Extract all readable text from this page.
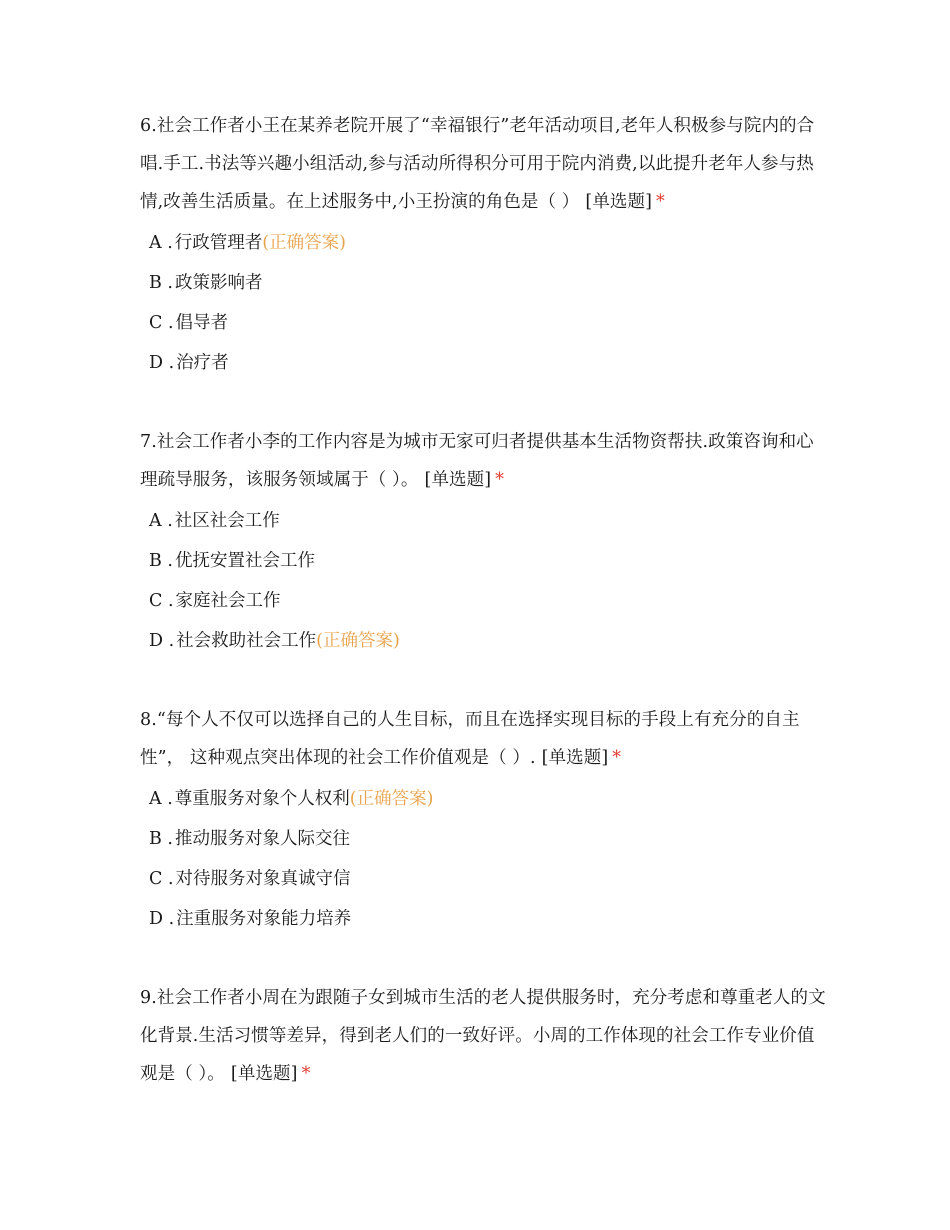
6.社会工作者小王在某养老院开展了“幸福银行”老年活动项目,老年人积极参与院内的合唱.手工.书法等兴趣小组活动,参与活动所得积分可用于院内消费,以此提升老年人参与热情,改善生活质量。在上述服务中,小王扮演的角色是（ ） [单选题] *

A . 行政管理者(正确答案)
B . 政策影响者
C . 倡导者
D . 治疗者

7.社会工作者小李的工作内容是为城市无家可归者提供基本生活物资帮扶.政策咨询和心理疏导服务，该服务领域属于（ ）。 [单选题] *

A . 社区社会工作
B . 优抚安置社会工作
C . 家庭社会工作
D . 社会救助社会工作(正确答案)

8.“每个人不仅可以选择自己的人生目标，而且在选择实现目标的手段上有充分的自主性”， 这种观点突出体现的社会工作价值观是（ ）. [单选题] *

A . 尊重服务对象个人权利(正确答案)
B . 推动服务对象人际交往
C . 对待服务对象真诚守信
D . 注重服务对象能力培养

9.社会工作者小周在为跟随子女到城市生活的老人提供服务时，充分考虑和尊重老人的文化背景.生活习惯等差异，得到老人们的一致好评。小周的工作体现的社会工作专业价值观是（ ）。 [单选题] *
